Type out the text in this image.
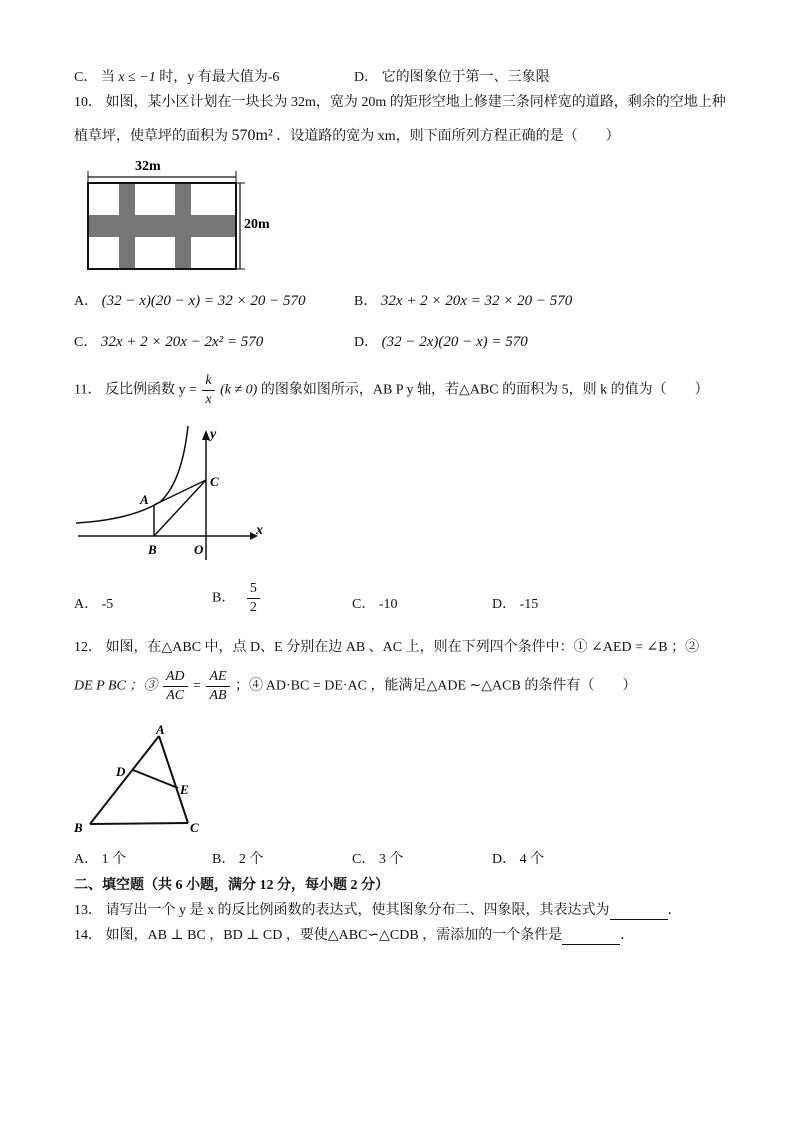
C． 当 x ≤ −1 时，y 有最大值为-6	D． 它的图象位于第一、三象限
10． 如图，某小区计划在一块长为 32m，宽为 20m 的矩形空地上修建三条同样宽的道路，剩余的空地上种
植草坪，使草坪的面积为 570m² ．设道路的宽为 xm，则下面所列方程正确的是（　　）
32m
20m
A． (32 − x)(20 − x) = 32 × 20 − 570	B． 32x + 2 × 20x = 32 × 20 − 570
C． 32x + 2 × 20x − 2x² = 570	D． (32 − 2x)(20 − x) = 570
11． 反比例函数 $y = \frac{k}{x} (k \ne 0)$ 的图象如图所示，AB P y 轴，若△ABC 的面积为 5，则 k 的值为（　　）
y
x
A
B
C
O
A． -5	B． $\frac{5}{2}$	C． -10	D． -15
12． 如图，在△ABC 中，点 D、E 分别在边 AB 、AC 上，则在下列四个条件中：① ∠AED = ∠B ；②
DE P BC ；③ $\frac{AD}{AC} = \frac{AE}{AB}$ ；④ AD·BC = DE·AC ，能满足△ADE ∼△ACB 的条件有（　　）
A
D
E
B	C
A． 1 个	B． 2 个	C． 3 个	D． 4 个
二、填空题（共 6 小题，满分 12 分，每小题 2 分）
13． 请写出一个 y 是 x 的反比例函数的表达式，使其图象分布二、四象限，其表达式为	．
14． 如图，AB ⊥ BC ，BD ⊥ CD ，要使△ABC∽△CDB ，需添加的一个条件是	．
